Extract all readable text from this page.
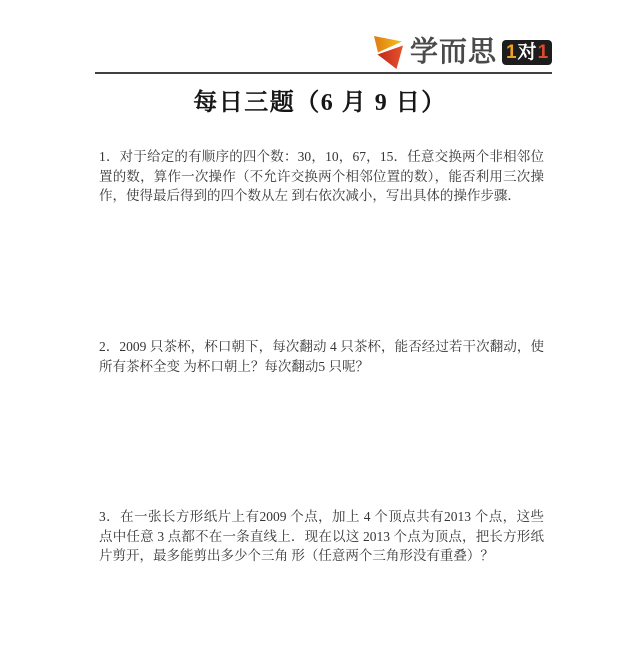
学而思 1 对 1
每日三题（6 月 9 日）

1．对于给定的有顺序的四个数：30，10，67，15．任意交换两个非相邻位置的数，算作一次操作（不允许交换两个相邻位置的数），能否利用三次操作，使得最后得到的四个数从左 到右依次减小，写出具体的操作步骤．

2．2009 只茶杯，杯口朝下，每次翻动 4 只茶杯，能否经过若干次翻动，使所有茶杯全变 为杯口朝上？每次翻动5 只呢？

3．在一张长方形纸片上有2009 个点，加上 4 个顶点共有2013 个点，这些点中任意 3 点都不在一条直线上．现在以这 2013 个点为顶点，把长方形纸片剪开，最多能剪出多少个三角 形（任意两个三角形没有重叠）？
